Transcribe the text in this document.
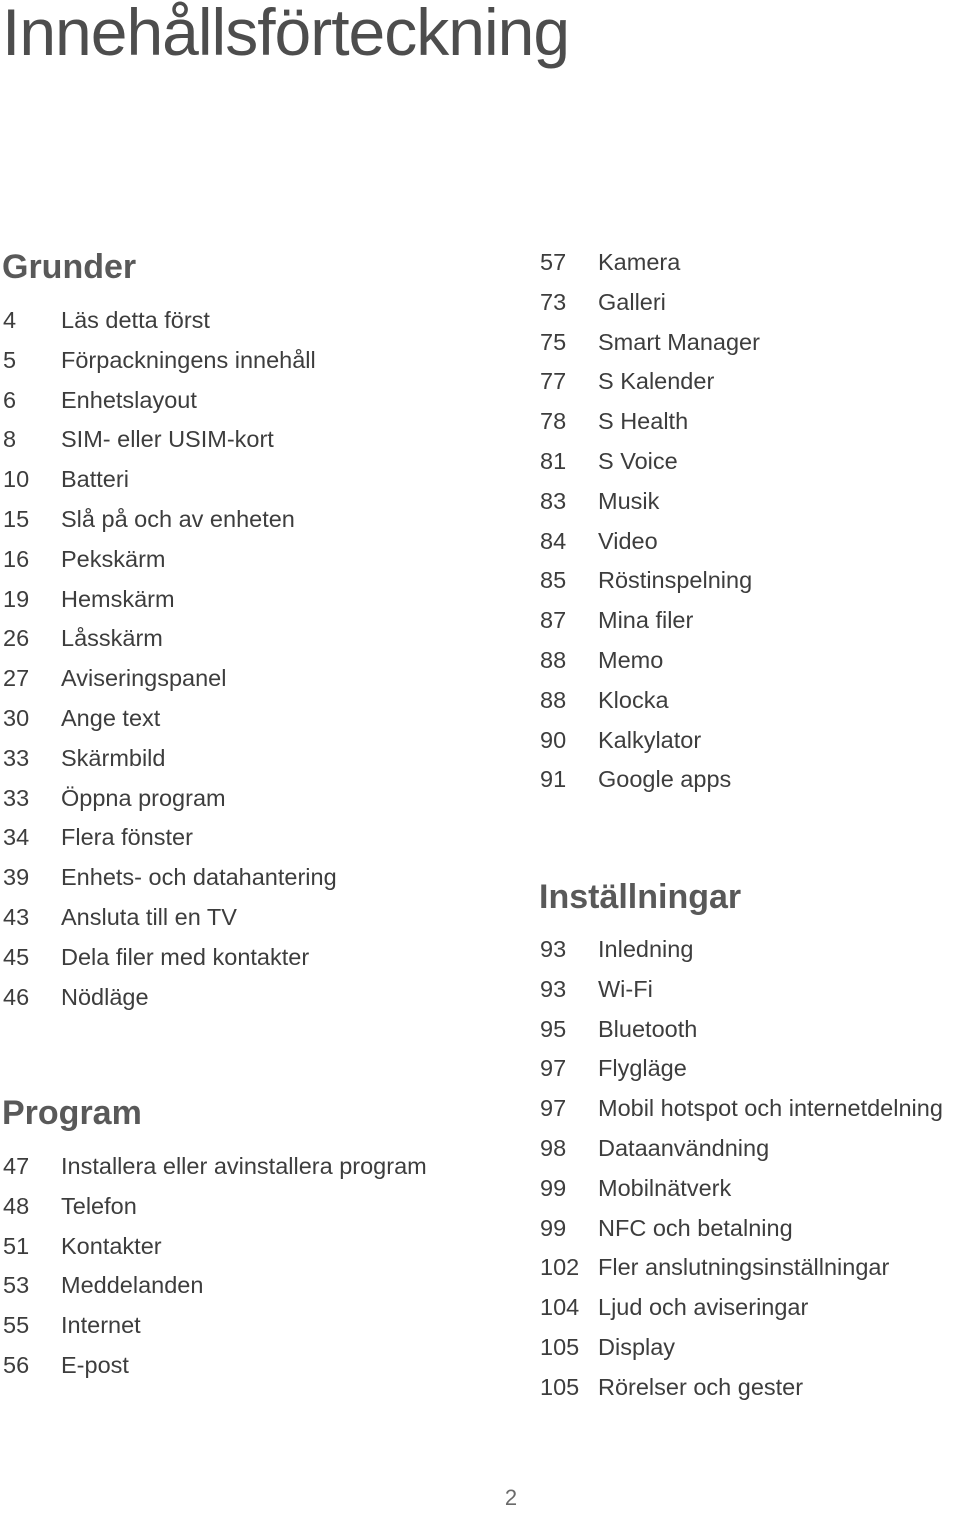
Innehållsförteckning
Grunder
4	Läs detta först
5	Förpackningens innehåll
6	Enhetslayout
8	SIM- eller USIM-kort
10	Batteri
15	Slå på och av enheten
16	Pekskärm
19	Hemskärm
26	Låsskärm
27	Aviseringspanel
30	Ange text
33	Skärmbild
33	Öppna program
34	Flera fönster
39	Enhets- och datahantering
43	Ansluta till en TV
45	Dela filer med kontakter
46	Nödläge
Program
47	Installera eller avinstallera program
48	Telefon
51	Kontakter
53	Meddelanden
55	Internet
56	E-post
57	Kamera
73	Galleri
75	Smart Manager
77	S Kalender
78	S Health
81	S Voice
83	Musik
84	Video
85	Röstinspelning
87	Mina filer
88	Memo
88	Klocka
90	Kalkylator
91	Google apps
Inställningar
93	Inledning
93	Wi-Fi
95	Bluetooth
97	Flygläge
97	Mobil hotspot och internetdelning
98	Dataanvändning
99	Mobilnätverk
99	NFC och betalning
102 Fler anslutningsinställningar
104 Ljud och aviseringar
105 Display
105 Rörelser och gester
2
